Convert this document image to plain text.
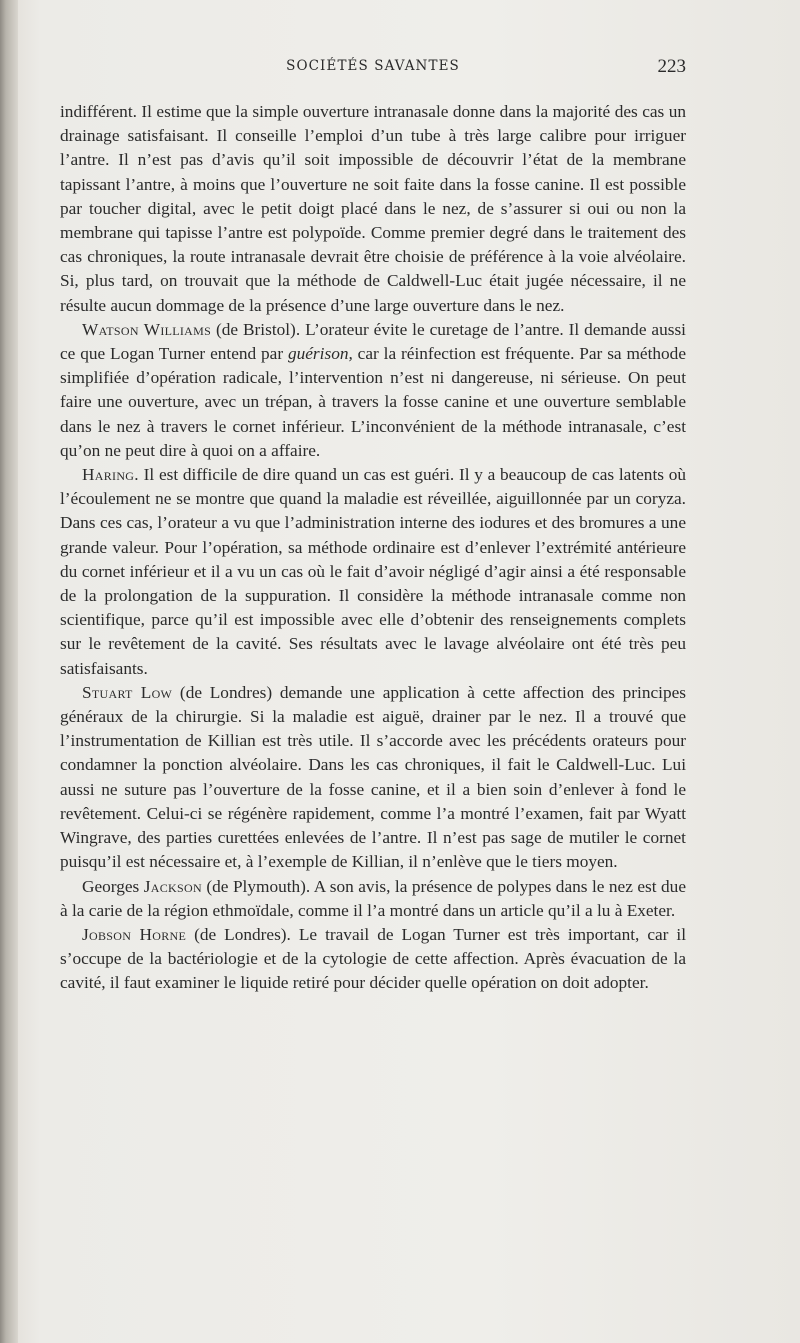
SOCIÉTÉS SAVANTES	223

indifférent. Il estime que la simple ouverture intranasale donne dans la majorité des cas un drainage satisfaisant. Il conseille l’emploi d’un tube à très large calibre pour irriguer l’antre. Il n’est pas d’avis qu’il soit impossible de découvrir l’état de la membrane tapissant l’antre, à moins que l’ouverture ne soit faite dans la fosse canine. Il est possible par toucher digital, avec le petit doigt placé dans le nez, de s’assurer si oui ou non la membrane qui tapisse l’antre est polypoïde. Comme premier degré dans le traitement des cas chroniques, la route intranasale devrait être choisie de préférence à la voie alvéolaire. Si, plus tard, on trouvait que la méthode de Caldwell-Luc était jugée nécessaire, il ne résulte aucun dommage de la présence d’une large ouverture dans le nez.

Watson Williams (de Bristol). L’orateur évite le curetage de l’antre. Il demande aussi ce que Logan Turner entend par guérison, car la réinfection est fréquente. Par sa méthode simplifiée d’opération radicale, l’intervention n’est ni dangereuse, ni sérieuse. On peut faire une ouverture, avec un trépan, à travers la fosse canine et une ouverture semblable dans le nez à travers le cornet inférieur. L’inconvénient de la méthode intranasale, c’est qu’on ne peut dire à quoi on a affaire.

Haring. Il est difficile de dire quand un cas est guéri. Il y a beaucoup de cas latents où l’écoulement ne se montre que quand la maladie est réveillée, aiguillonnée par un coryza. Dans ces cas, l’orateur a vu que l’administration interne des iodures et des bromures a une grande valeur. Pour l’opération, sa méthode ordinaire est d’enlever l’extrémité antérieure du cornet inférieur et il a vu un cas où le fait d’avoir négligé d’agir ainsi a été responsable de la prolongation de la suppuration. Il considère la méthode intranasale comme non scientifique, parce qu’il est impossible avec elle d’obtenir des renseignements complets sur le revêtement de la cavité. Ses résultats avec le lavage alvéolaire ont été très peu satisfaisants.

Stuart Low (de Londres) demande une application à cette affection des principes généraux de la chirurgie. Si la maladie est aiguë, drainer par le nez. Il a trouvé que l’instrumentation de Killian est très utile. Il s’accorde avec les précédents orateurs pour condamner la ponction alvéolaire. Dans les cas chroniques, il fait le Caldwell-Luc. Lui aussi ne suture pas l’ouverture de la fosse canine, et il a bien soin d’enlever à fond le revêtement. Celui-ci se régénère rapidement, comme l’a montré l’examen, fait par Wyatt Wingrave, des parties curettées enlevées de l’antre. Il n’est pas sage de mutiler le cornet puisqu’il est nécessaire et, à l’exemple de Killian, il n’enlève que le tiers moyen.

Georges Jackson (de Plymouth). A son avis, la présence de polypes dans le nez est due à la carie de la région ethmoïdale, comme il l’a montré dans un article qu’il a lu à Exeter.

Jobson Horne (de Londres). Le travail de Logan Turner est très important, car il s’occupe de la bactériologie et de la cytologie de cette affection. Après évacuation de la cavité, il faut examiner le liquide retiré pour décider quelle opération on doit adopter.
